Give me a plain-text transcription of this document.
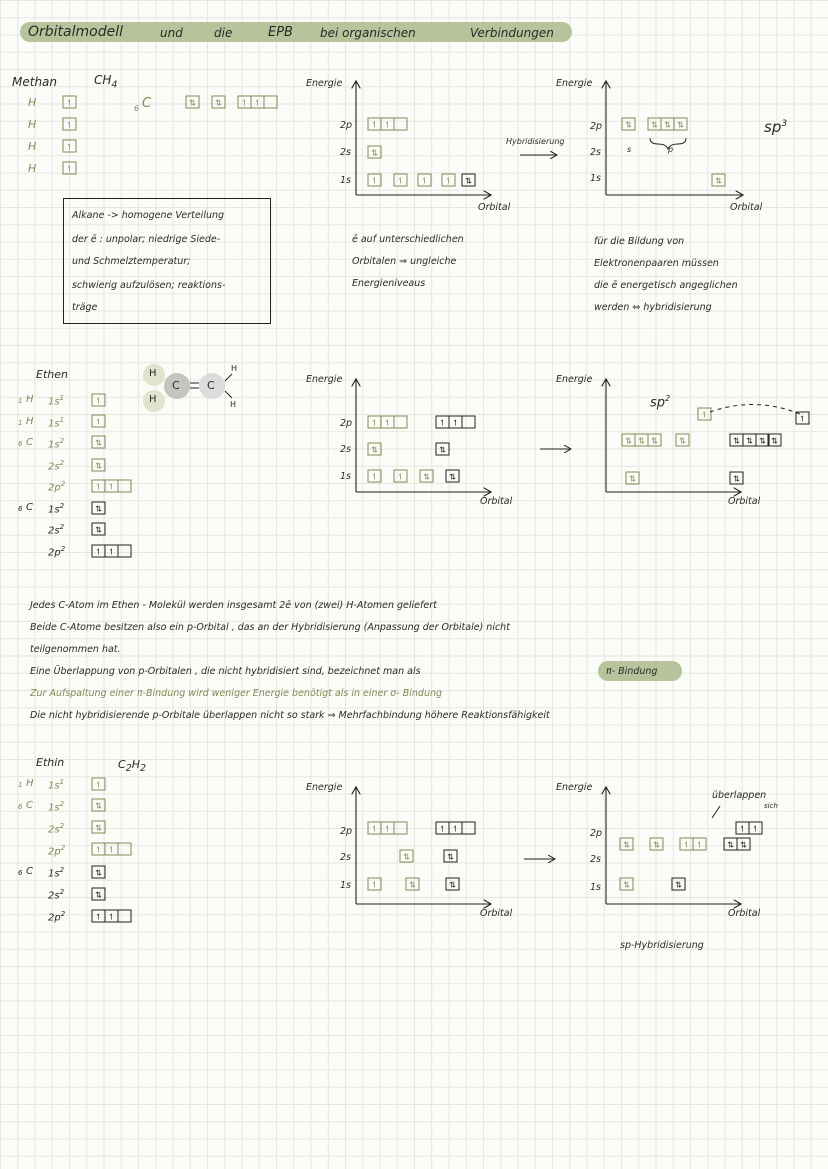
Orbitalmodell	und	die	EPB bei organischen	Verbindungen
Methan	$CH_4$
H
H
H
H
6 C
Alkane -> homogene Verteilung
der ē : unpolar; niedrige Siede-
und Schmelztemperatur;
schwierig aufzulösen; reaktions-
träge
Energie
2p
2s
1s
Orbital
ē auf unterschiedlichen
Orbitalen ⇒ ungleiche
Energieniveaus
Hybridisierung
Energie
2p
2s
1s
s	p
$sp^3$
Orbital
für die Bildung von
Elektronenpaaren müssen
die ē energetisch angeglichen
werden ⇔ hybridisierung
Ethen
1 H $1s^1$
1 H $1s^1$
6 C $1s^2$
$2s^2$
$2p^2$
6 C $1s^2$
$2s^2$
$2p^2$
H
H
C C
H
H
Energie
2p
2s
1s
Orbital
Energie
$sp^2$
Orbital
Jedes C-Atom im Ethen - Molekül werden insgesamt 2ē von (zwei) H-Atomen geliefert
Beide C-Atome besitzen also ein p-Orbital , das an der Hybridisierung (Anpassung der Orbitale) nicht
teilgenommen hat.
Eine Überlappung von p-Orbitalen , die nicht hybridisiert sind, bezeichnet man als	π- Bindung
Zur Aufspaltung einer π-Bindung wird weniger Energie benötigt als in einer σ- Bindung
Die nicht hybridisierende p-Orbitale überlappen nicht so stark ⇒ Mehrfachbindung höhere Reaktionsfähigkeit
Ethin	$C_2H_2$
1 H $1s^1$
6 C $1s^2$
$2s^2$
$2p^2$
6 C $1s^2$
$2s^2$
$2p^2$
Energie
2p
2s
1s
Orbital
Energie
2p
2s
1s
überlappen
sich
Orbital
sp-Hybridisierung
↿
↿
↿
↿
⇅ ⇅ ↿ ↿
↿ ↿
⇅
↿ ↿ ↿ ↿ ⇅
⇅ ⇅ ⇅ ⇅
⇅
↿
↿
⇅
⇅
↿ ↿
⇅
⇅
↿ ↿
↿ ↿	↿ ↿
⇅	⇅
↿ ↿ ⇅ ⇅
⇅ ⇅ ⇅	⇅
↿	↿
⇅ ⇅ ⇅ ⇅
⇅	⇅
↿
⇅
⇅
↿ ↿
⇅
⇅
↿ ↿
↿ ↿	↿ ↿
⇅	⇅
↿	⇅	⇅
⇅	⇅	↿ ↿	⇅ ⇅
↿ ↿
⇅	⇅
